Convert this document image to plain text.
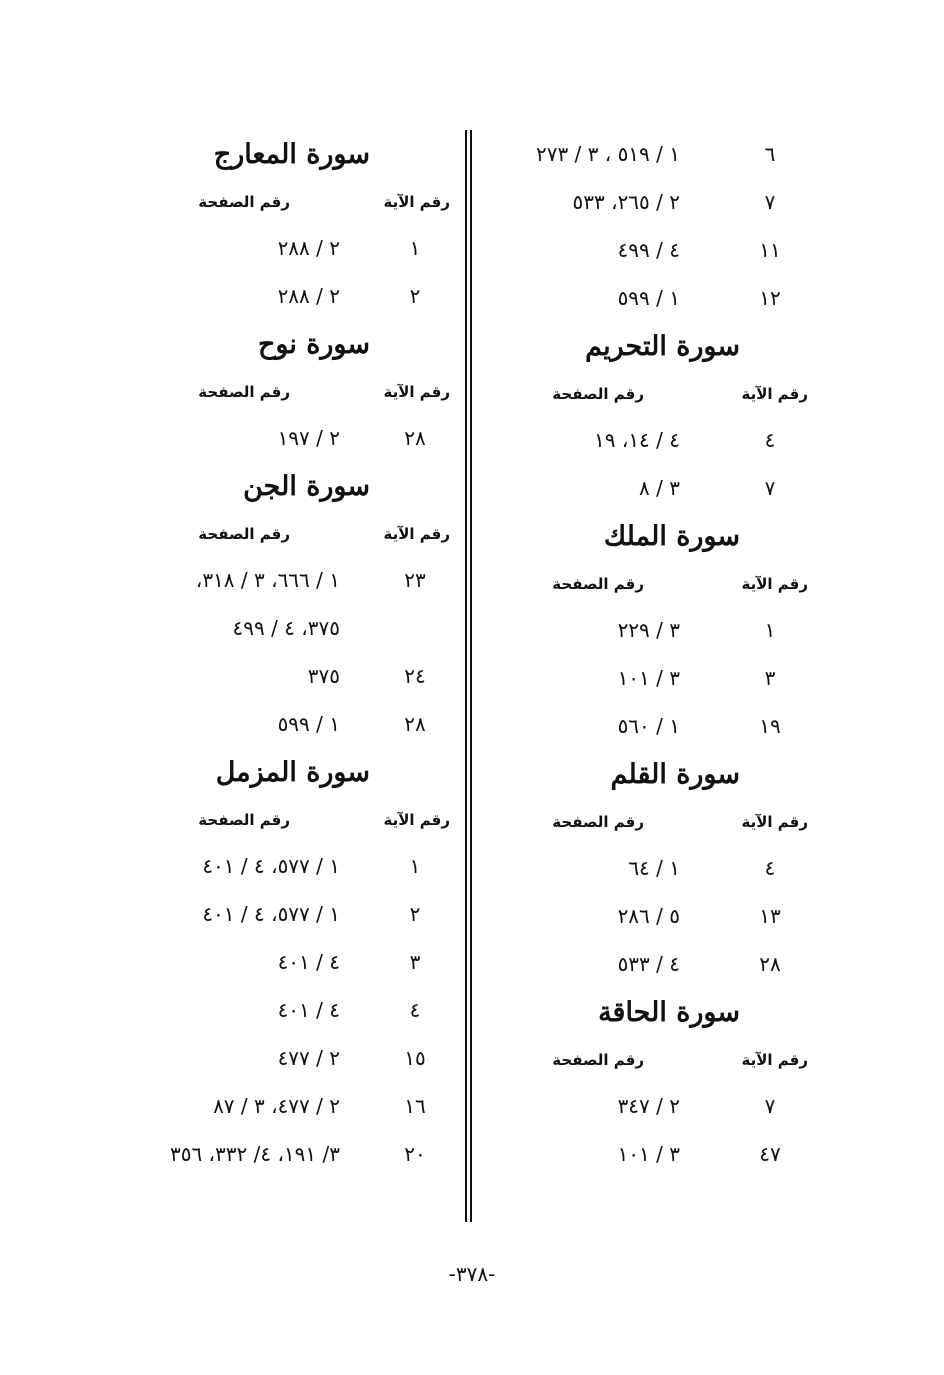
٦
١ / ٥١٩ ، ٣ / ٢٧٣
٧
٢ / ٢٦٥، ٥٣٣
١١
٤ / ٤٩٩
١٢
١ / ٥٩٩
سورة التحريم
رقم الآية
رقم الصفحة
٤
٤ / ١٤، ١٩
٧
٣ / ٨
سورة الملك
رقم الآية
رقم الصفحة
١
٣ / ٢٢٩
٣
٣ / ١٠١
١٩
١ / ٥٦٠
سورة القلم
رقم الآية
رقم الصفحة
٤
١ / ٦٤
١٣
٥ / ٢٨٦
٢٨
٤ / ٥٣٣
سورة الحاقة
رقم الآية
رقم الصفحة
٧
٢ / ٣٤٧
٤٧
٣ / ١٠١
سورة المعارج
رقم الآية
رقم الصفحة
١
٢ / ٢٨٨
٢
٢ / ٢٨٨
سورة نوح
رقم الآية
رقم الصفحة
٢٨
٢ / ١٩٧
سورة الجن
رقم الآية
رقم الصفحة
٢٣
١ / ٦٦٦، ٣ / ٣١٨،
٣٧٥، ٤ / ٤٩٩
٢٤
٣٧٥
٢٨
١ / ٥٩٩
سورة المزمل
رقم الآية
رقم الصفحة
١
١ / ٥٧٧، ٤ / ٤٠١
٢
١ / ٥٧٧، ٤ / ٤٠١
٣
٤ / ٤٠١
٤
٤ / ٤٠١
١٥
٢ / ٤٧٧
١٦
٢ / ٤٧٧، ٣ / ٨٧
٢٠
٣/ ١٩١، ٤/ ٣٣٢، ٣٥٦
-٣٧٨-
